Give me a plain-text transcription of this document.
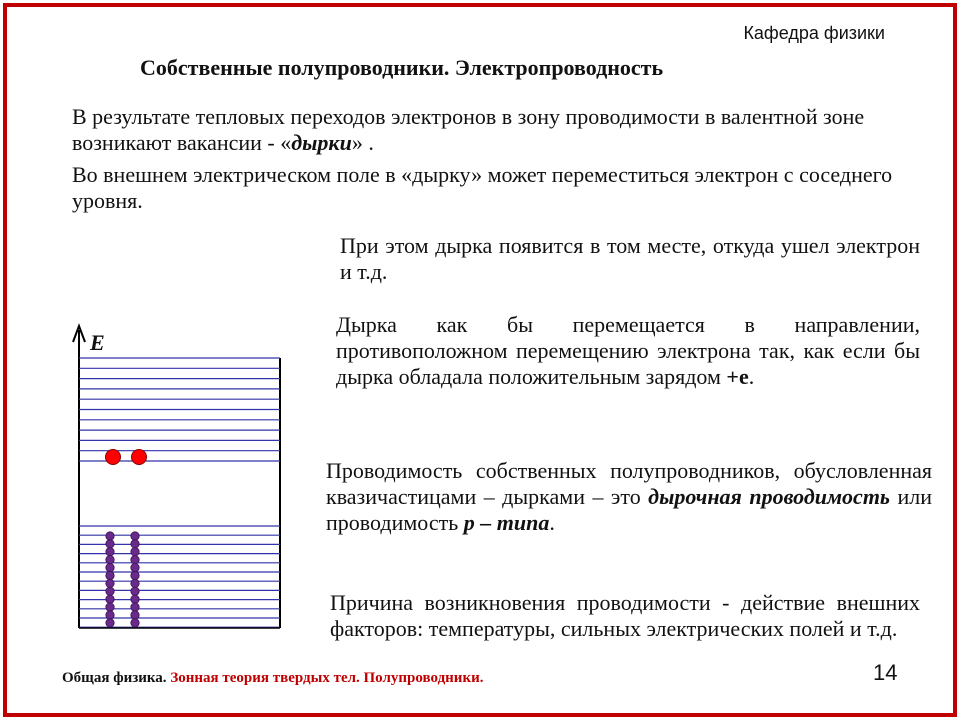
Кафедра физики
Собственные полупроводники. Электропроводность
В результате тепловых переходов электронов в зону проводимости в валентной зоне возникают вакансии - «дырки» .
Во внешнем электрическом поле в «дырку» может переместиться электрон с соседнего уровня.
При этом дырка появится в том месте, откуда ушел электрон и т.д.
Дырка как бы перемещается в направлении, противоположном перемещению электрона так, как если бы дырка обладала положительным зарядом +е.
Проводимость собственных полупроводников, обусловленная квазичастицами – дырками – это дырочная проводимость или проводимость р – типа.
Причина возникновения проводимости - действие внешних факторов: температуры, сильных электрических полей и т.д.
E
Общая физика. Зонная теория твердых тел. Полупроводники.	14
